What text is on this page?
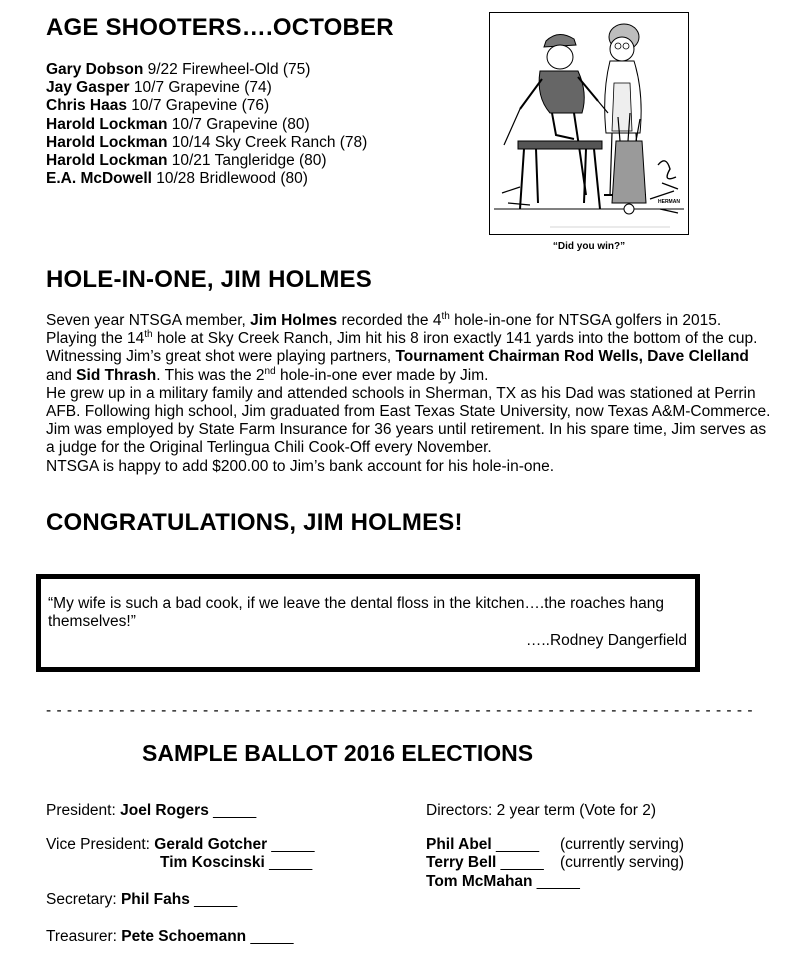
AGE SHOOTERS….OCTOBER
Gary Dobson 9/22 Firewheel-Old (75)
Jay Gasper 10/7 Grapevine (74)
Chris Haas 10/7 Grapevine (76)
Harold Lockman 10/7 Grapevine (80)
Harold Lockman 10/14 Sky Creek Ranch (78)
Harold Lockman 10/21 Tangleridge (80)
E.A. McDowell 10/28 Bridlewood (80)
HERMAN
“Did you win?”
HOLE-IN-ONE, JIM HOLMES

Seven year NTSGA member, Jim Holmes recorded the 4th hole-in-one for NTSGA golfers in 2015. Playing the 14th hole at Sky Creek Ranch, Jim hit his 8 iron exactly 141 yards into the bottom of the cup. Witnessing Jim’s great shot were playing partners, Tournament Chairman Rod Wells, Dave Clelland and Sid Thrash. This was the 2nd hole-in-one ever made by Jim.

He grew up in a military family and attended schools in Sherman, TX as his Dad was stationed at Perrin AFB. Following high school, Jim graduated from East Texas State University, now Texas A&M-Commerce. Jim was employed by State Farm Insurance for 36 years until retirement. In his spare time, Jim serves as a judge for the Original Terlingua Chili Cook-Off every November.

NTSGA is happy to add $200.00 to Jim’s bank account for his hole-in-one.

CONGRATULATIONS, JIM HOLMES!
“My wife is such a bad cook, if we leave the dental floss in the kitchen….the roaches hang themselves!”
…..Rodney Dangerfield
- - - - - - - - - - - - - - - - - - - - - - - - - - - - - - - - - - - - - - - - - - - - - - - - - - - - - - - - - - - - - - - - - - - -
SAMPLE BALLOT 2016 ELECTIONS
President: Joel Rogers _____
Vice President: Gerald Gotcher _____
Tim Koscinski _____
Secretary: Phil Fahs _____
Treasurer: Pete Schoemann _____
Directors: 2 year term (Vote for 2)
Phil Abel _____ (currently serving)
Terry Bell _____ (currently serving)
Tom McMahan _____
